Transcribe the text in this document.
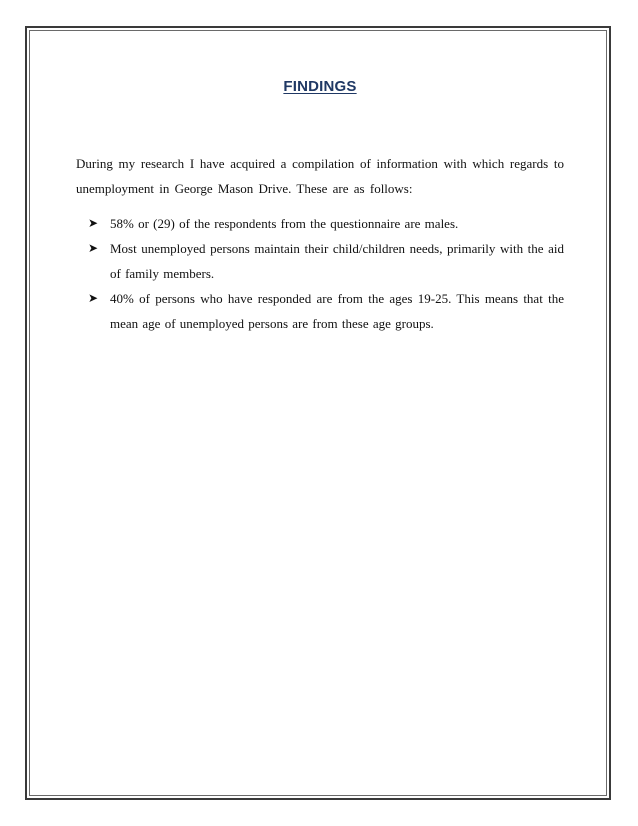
FINDINGS

During my research I have acquired a compilation of information with which regards to unemployment in George Mason Drive. These are as follows:

➤ 58% or (29) of the respondents from the questionnaire are males.
➤ Most unemployed persons maintain their child/children needs, primarily with the aid of family members.
➤ 40% of persons who have responded are from the ages 19-25. This means that the mean age of unemployed persons are from these age groups.
